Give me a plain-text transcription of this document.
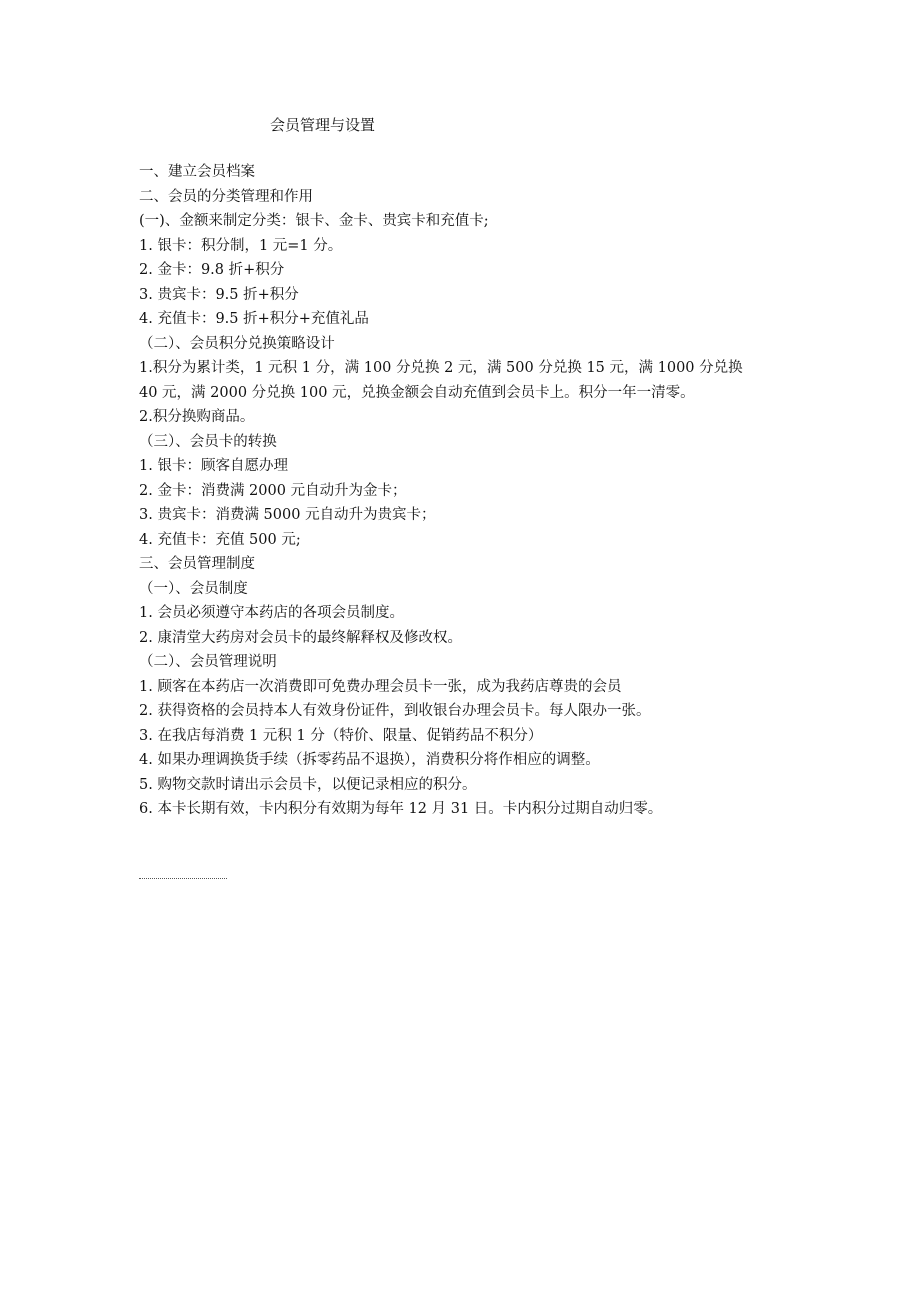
会员管理与设置
一、建立会员档案
二、会员的分类管理和作用
(一)、金额来制定分类：银卡、金卡、贵宾卡和充值卡;
1. 银卡：积分制，1 元=1 分。
2. 金卡：9.8 折+积分
3. 贵宾卡：9.5 折+积分
4. 充值卡：9.5 折+积分+充值礼品
（二）、会员积分兑换策略设计
1.积分为累计类，1 元积 1 分，满 100 分兑换 2 元，满 500 分兑换 15 元，满 1000 分兑换
40 元，满 2000 分兑换 100 元，兑换金额会自动充值到会员卡上。积分一年一清零。
2.积分换购商品。
（三）、会员卡的转换
1. 银卡：顾客自愿办理
2. 金卡：消费满 2000 元自动升为金卡；
3. 贵宾卡：消费满 5000 元自动升为贵宾卡；
4. 充值卡：充值 500 元;
三、会员管理制度
（一）、会员制度
1. 会员必须遵守本药店的各项会员制度。
2. 康清堂大药房对会员卡的最终解释权及修改权。
（二）、会员管理说明
1. 顾客在本药店一次消费即可免费办理会员卡一张，成为我药店尊贵的会员
2. 获得资格的会员持本人有效身份证件，到收银台办理会员卡。每人限办一张。
3. 在我店每消费 1 元积 1 分（特价、限量、促销药品不积分）
4. 如果办理调换货手续（拆零药品不退换），消费积分将作相应的调整。
5. 购物交款时请出示会员卡，以便记录相应的积分。
6. 本卡长期有效，卡内积分有效期为每年 12 月 31 日。卡内积分过期自动归零。
